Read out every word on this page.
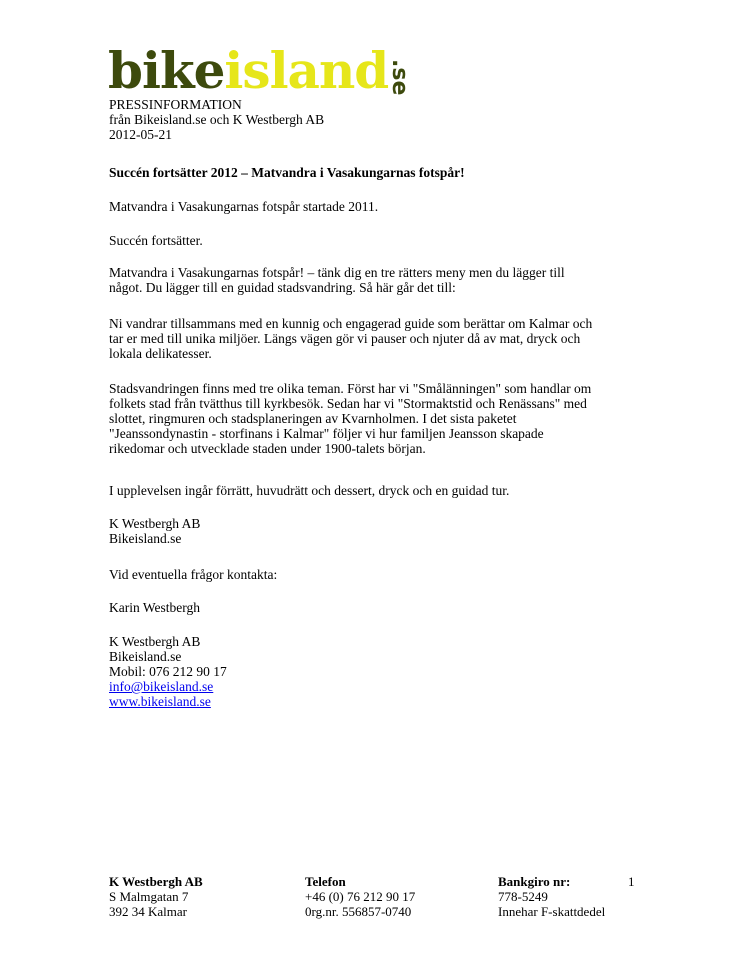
bikeisland.se
PRESSINFORMATION
från Bikeisland.se och K Westbergh AB
2012-05-21
Succén fortsätter 2012 – Matvandra i Vasakungarnas fotspår!
Matvandra i Vasakungarnas fotspår startade 2011.
Succén fortsätter.
Matvandra i Vasakungarnas fotspår! – tänk dig en tre rätters meny men du lägger till
något. Du lägger till en guidad stadsvandring. Så här går det till:
Ni vandrar tillsammans med en kunnig och engagerad guide som berättar om Kalmar och
tar er med till unika miljöer. Längs vägen gör vi pauser och njuter då av mat, dryck och
lokala delikatesser.
Stadsvandringen finns med tre olika teman. Först har vi "Smålänningen" som handlar om
folkets stad från tvätthus till kyrkbesök. Sedan har vi "Stormaktstid och Renässans" med
slottet, ringmuren och stadsplaneringen av Kvarnholmen. I det sista paketet
"Jeanssondynastin - storfinans i Kalmar" följer vi hur familjen Jeansson skapade
rikedomar och utvecklade staden under 1900-talets början.
I upplevelsen ingår förrätt, huvudrätt och dessert, dryck och en guidad tur.
K Westbergh AB
Bikeisland.se
Vid eventuella frågor kontakta:
Karin Westbergh
K Westbergh AB
Bikeisland.se
Mobil: 076 212 90 17
info@bikeisland.se
www.bikeisland.se
K Westbergh AB
S Malmgatan 7
392 34 Kalmar
Telefon
+46 (0) 76 212 90 17
0rg.nr. 556857-0740
Bankgiro nr:
778-5249
Innehar F-skattdedel
1
